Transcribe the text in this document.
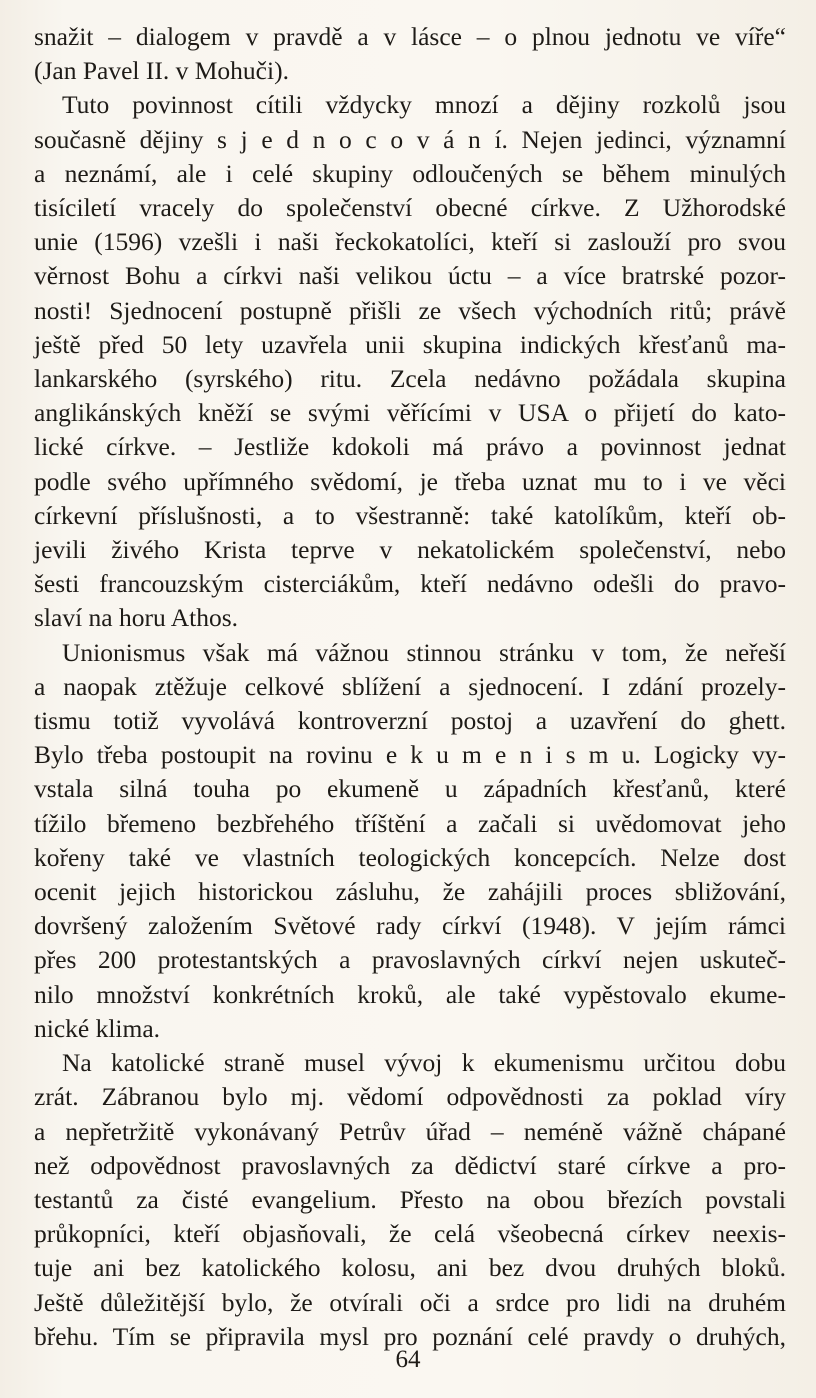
snažit – dialogem v pravdě a v lásce – o plnou jednotu ve víře“
(Jan Pavel II. v Mohuči).

Tuto povinnost cítili vždycky mnozí a dějiny rozkolů jsou
současně dějiny s j e d n o c o v á n í. Nejen jedinci, významní
a neznámí, ale i celé skupiny odloučených se během minulých
tisíciletí vracely do společenství obecné církve. Z Užhorodské
unie (1596) vzešli i naši řeckokatolíci, kteří si zaslouží pro svou
věrnost Bohu a církvi naši velikou úctu – a více bratrské pozor-
nosti! Sjednocení postupně přišli ze všech východních ritů; právě
ještě před 50 lety uzavřela unii skupina indických křesťanů ma-
lankarského (syrského) ritu. Zcela nedávno požádala skupina
anglikánských kněží se svými věřícími v USA o přijetí do kato-
lické církve. – Jestliže kdokoli má právo a povinnost jednat
podle svého upřímného svědomí, je třeba uznat mu to i ve věci
církevní příslušnosti, a to všestranně: také katolíkům, kteří ob-
jevili živého Krista teprve v nekatolickém společenství, nebo
šesti francouzským cisterciákům, kteří nedávno odešli do pravo-
slaví na horu Athos.

Unionismus však má vážnou stinnou stránku v tom, že neřeší
a naopak ztěžuje celkové sblížení a sjednocení. I zdání prozely-
tismu totiž vyvolává kontroverzní postoj a uzavření do ghett.
Bylo třeba postoupit na rovinu e k u m e n i s m u. Logicky vy-
vstala silná touha po ekumeně u západních křesťanů, které
tížilo břemeno bezbřehého tříštění a začali si uvědomovat jeho
kořeny také ve vlastních teologických koncepcích. Nelze dost
ocenit jejich historickou zásluhu, že zahájili proces sbližování,
dovršený založením Světové rady církví (1948). V jejím rámci
přes 200 protestantských a pravoslavných církví nejen uskuteč-
nilo množství konkrétních kroků, ale také vypěstovalo ekume-
nické klima.

Na katolické straně musel vývoj k ekumenismu určitou dobu
zrát. Zábranou bylo mj. vědomí odpovědnosti za poklad víry
a nepřetržitě vykonávaný Petrův úřad – neméně vážně chápané
než odpovědnost pravoslavných za dědictví staré církve a pro-
testantů za čisté evangelium. Přesto na obou březích povstali
průkopníci, kteří objasňovali, že celá všeobecná církev neexis-
tuje ani bez katolického kolosu, ani bez dvou druhých bloků.
Ještě důležitější bylo, že otvírali oči a srdce pro lidi na druhém
břehu. Tím se připravila mysl pro poznání celé pravdy o druhých,

64
